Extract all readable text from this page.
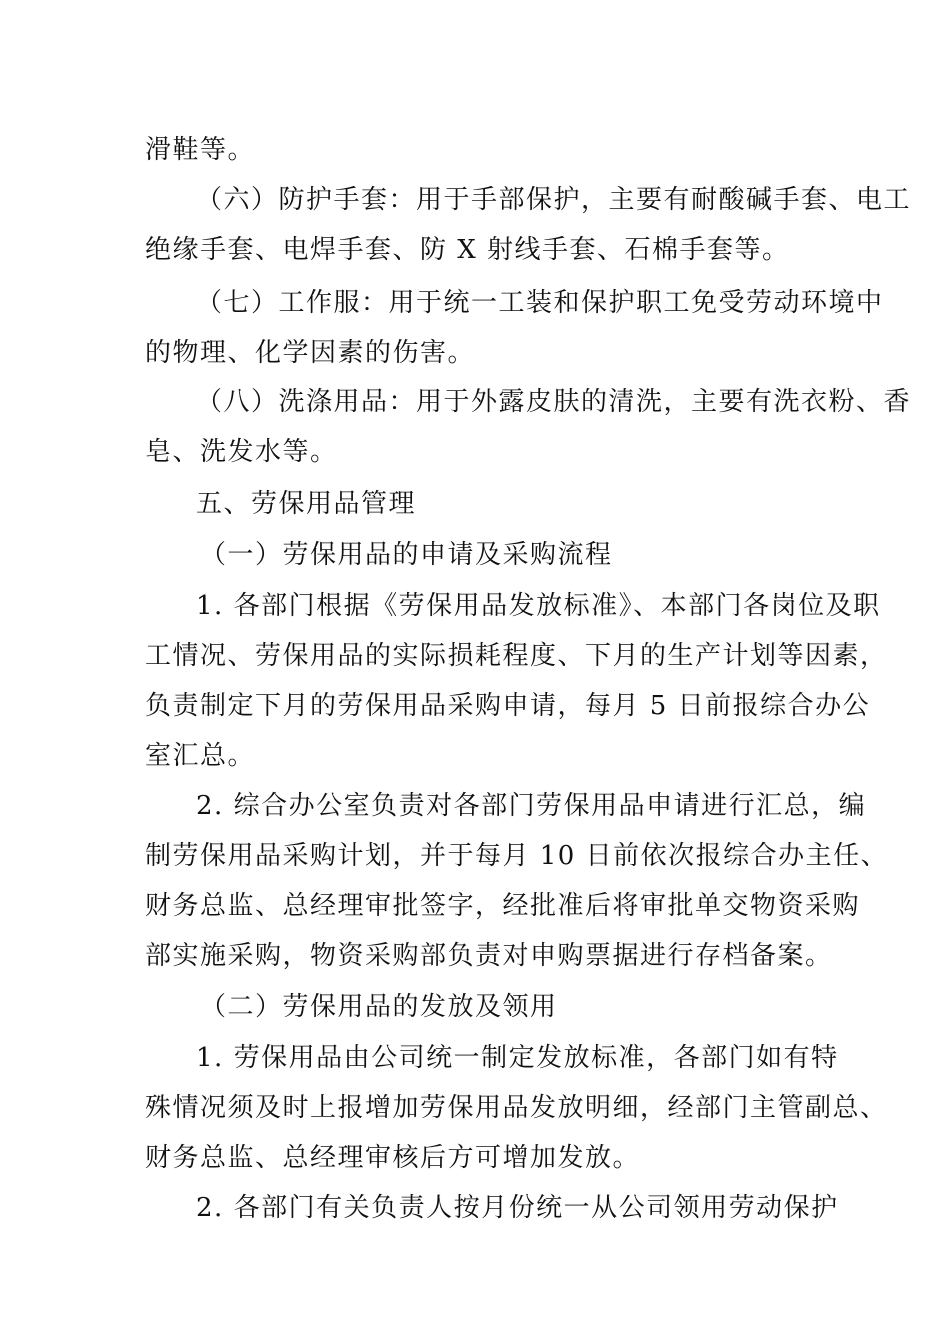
滑鞋等。
（六）防护手套：用于手部保护，主要有耐酸碱手套、电工
绝缘手套、电焊手套、防 X 射线手套、石棉手套等。
（七）工作服：用于统一工装和保护职工免受劳动环境中
的物理、化学因素的伤害。
（八）洗涤用品：用于外露皮肤的清洗，主要有洗衣粉、香
皂、洗发水等。
五、劳保用品管理
（一）劳保用品的申请及采购流程
1. 各部门根据《劳保用品发放标准》、本部门各岗位及职
工情况、劳保用品的实际损耗程度、下月的生产计划等因素，
负责制定下月的劳保用品采购申请，每月 5 日前报综合办公
室汇总。
2. 综合办公室负责对各部门劳保用品申请进行汇总，编
制劳保用品采购计划，并于每月 10 日前依次报综合办主任、
财务总监、总经理审批签字，经批准后将审批单交物资采购
部实施采购，物资采购部负责对申购票据进行存档备案。
（二）劳保用品的发放及领用
1. 劳保用品由公司统一制定发放标准，各部门如有特
殊情况须及时上报增加劳保用品发放明细，经部门主管副总、
财务总监、总经理审核后方可增加发放。
2. 各部门有关负责人按月份统一从公司领用劳动保护
